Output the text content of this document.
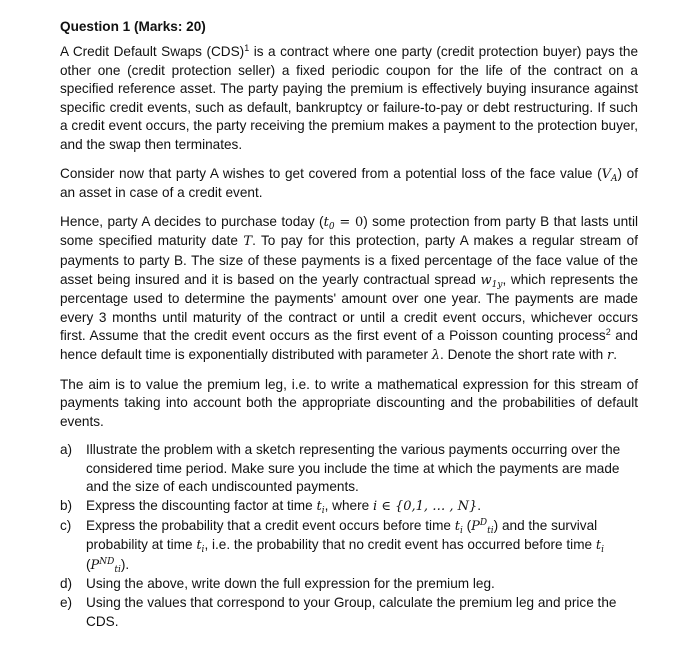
Question 1 (Marks: 20)

A Credit Default Swaps (CDS)$^1$ is a contract where one party (credit protection buyer) pays the other one (credit protection seller) a fixed periodic coupon for the life of the contract on a specified reference asset. The party paying the premium is effectively buying insurance against specific credit events, such as default, bankruptcy or failure-to-pay or debt restructuring. If such a credit event occurs, the party receiving the premium makes a payment to the protection buyer, and the swap then terminates.

Consider now that party A wishes to get covered from a potential loss of the face value $(V_A)$ of an asset in case of a credit event.

Hence, party A decides to purchase today $(t_0 = 0)$ some protection from party B that lasts until some specified maturity date T. To pay for this protection, party A makes a regular stream of payments to party B. The size of these payments is a fixed percentage of the face value of the asset being insured and it is based on the yearly contractual spread $w_{1y}$, which represents the percentage used to determine the payments' amount over one year. The payments are made every 3 months until maturity of the contract or until a credit event occurs, whichever occurs first. Assume that the credit event occurs as the first event of a Poisson counting process$^2$ and hence default time is exponentially distributed with parameter λ. Denote the short rate with r.

The aim is to value the premium leg, i.e. to write a mathematical expression for this stream of payments taking into account both the appropriate discounting and the probabilities of default events.

a) Illustrate the problem with a sketch representing the various payments occurring over the considered time period. Make sure you include the time at which the payments are made and the size of each undiscounted payments.
b) Express the discounting factor at time $t_i$, where i ∈ {0,1, … , N}.
c) Express the probability that a credit event occurs before time $t_i$ $(P^D_{ti})$ and the survival probability at time $t_i$, i.e. the probability that no credit event has occurred before time $t_i$
$(P^{ND}_{ti})$.
d) Using the above, write down the full expression for the premium leg.
e) Using the values that correspond to your Group, calculate the premium leg and price the CDS.
